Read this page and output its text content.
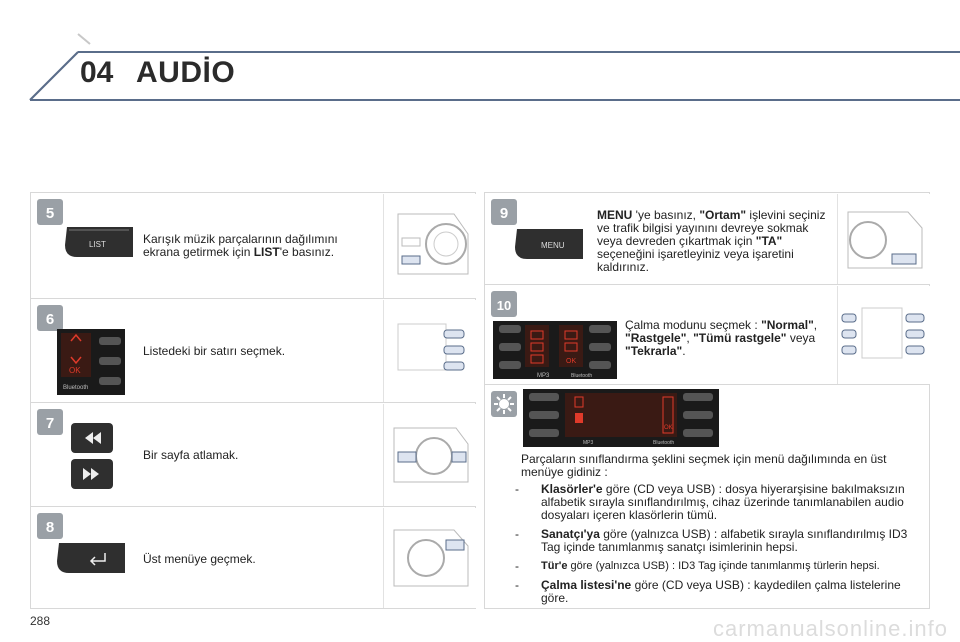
04 AUDİO
5
LIST	Karışık müzik parçalarının dağılımını ekrana getirmek için LIST'e basınız.
6
OK
Bluetooth
Listedeki bir satırı seçmek.
7
Bir sayfa atlamak.
8
Üst menüye geçmek.
9
MENU
MENU 'ye basınız, "Ortam" işlevini seçiniz ve trafik bilgisi yayınını devreye sokmak veya devreden çıkartmak için "TA" seçeneğini işaretleyiniz veya işaretini kaldırınız.
10
OK
MP3	Bluetooth
Çalma modunu seçmek : "Normal", "Rastgele", "Tümü rastgele" veya "Tekrarla".
OK
MP3	Bluetooth
Parçaların sınıflandırma şeklini seçmek için menü dağılımında en üst menüye gidiniz :
- Klasörler'e göre (CD veya USB) : dosya hiyerarşisine bakılmaksızın alfabetik sırayla sınıflandırılmış, cihaz üzerinde tanımlanabilen audio dosyaları içeren klasörlerin tümü.
- Sanatçı'ya göre (yalnızca USB) : alfabetik sırayla sınıflandırılmış ID3 Tag içinde tanımlanmış sanatçı isimlerinin hepsi.
- Tür'e göre (yalnızca USB) : ID3 Tag içinde tanımlanmış türlerin hepsi.
- Çalma listesi'ne göre (CD veya USB) : kaydedilen çalma listelerine göre.
288	carmanualsonline.info
